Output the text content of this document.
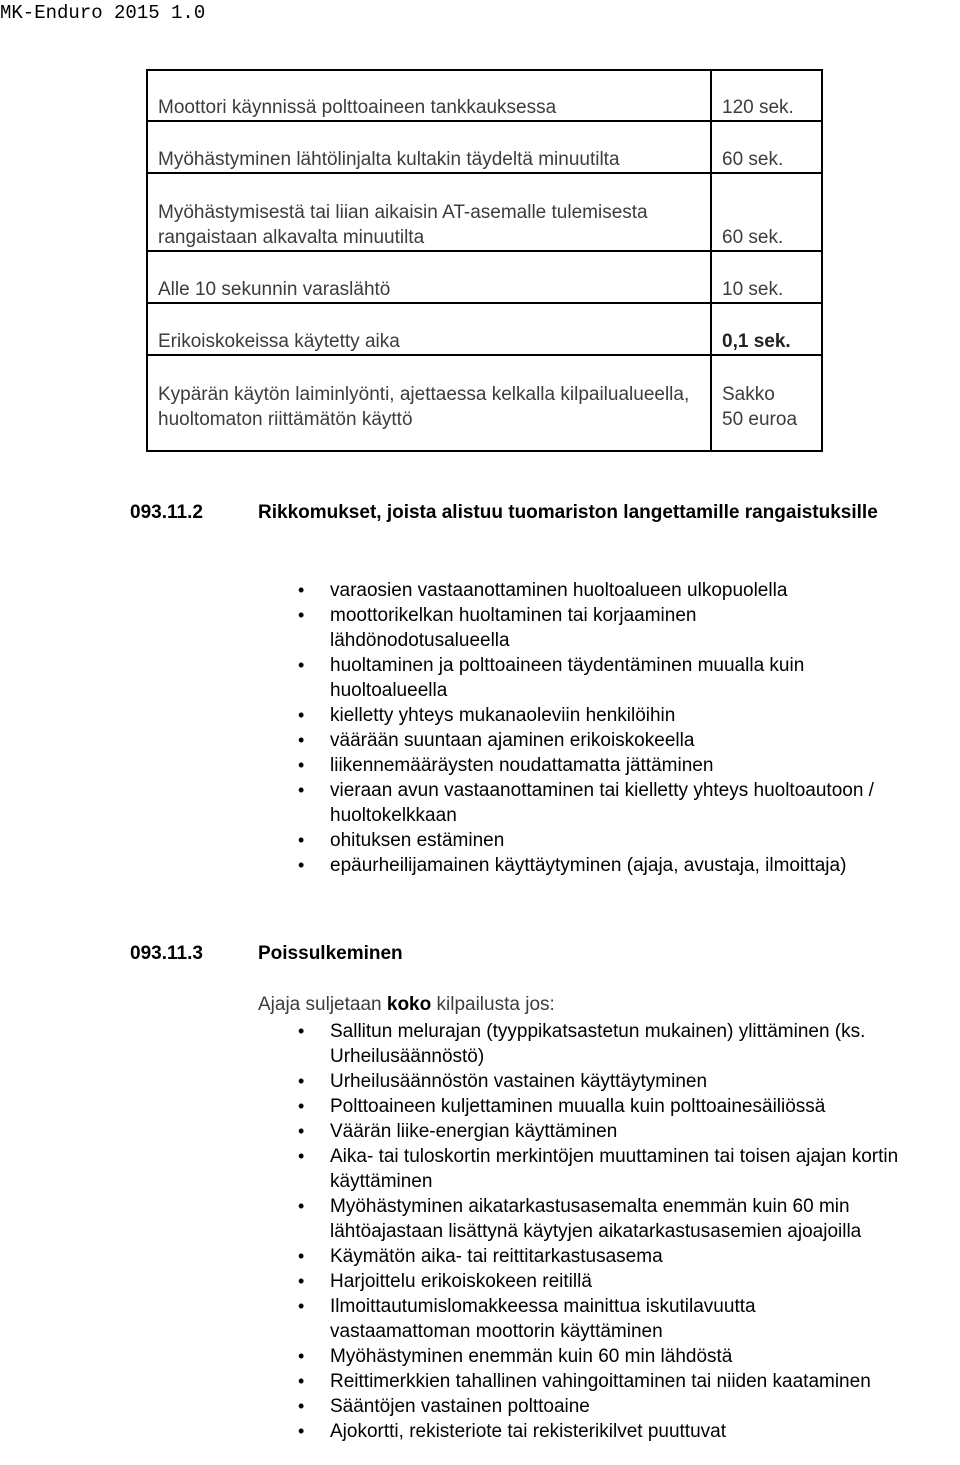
MK-Enduro 2015 1.0
Moottori käynnissä polttoaineen tankkauksessa	120 sek.
Myöhästyminen lähtölinjalta kultakin täydeltä minuutilta	60 sek.
Myöhästymisestä tai liian aikaisin AT-asemalle tulemisesta rangaistaan alkavalta minuutilta	60 sek.
Alle 10 sekunnin varaslähtö	10 sek.
Erikoiskokeissa käytetty aika	0,1 sek.
Kypärän käytön laiminlyönti, ajettaessa kelkalla kilpailualueella, huoltomaton riittämätön käyttö	Sakko
50 euroa
093.11.2	Rikkomukset, joista alistuu tuomariston langettamille rangaistuksille
• varaosien vastaanottaminen huoltoalueen ulkopuolella
• moottorikelkan huoltaminen tai korjaaminen lähdönodotusalueella
• huoltaminen ja polttoaineen täydentäminen muualla kuin huoltoalueella
• kielletty yhteys mukanaoleviin henkilöihin
• väärään suuntaan ajaminen erikoiskokeella
• liikennemääräysten noudattamatta jättäminen
• vieraan avun vastaanottaminen tai kielletty yhteys huoltoautoon / huoltokelkkaan
• ohituksen estäminen
• epäurheilijamainen käyttäytyminen (ajaja, avustaja, ilmoittaja)
093.11.3	Poissulkeminen
Ajaja suljetaan koko kilpailusta jos:
• Sallitun melurajan (tyyppikatsastetun mukainen) ylittäminen (ks. Urheilusäännöstö)
• Urheilusäännöstön vastainen käyttäytyminen
• Polttoaineen kuljettaminen muualla kuin polttoainesäiliössä
• Väärän liike-energian käyttäminen
• Aika- tai tuloskortin merkintöjen muuttaminen tai toisen ajajan kortin käyttäminen
• Myöhästyminen aikatarkastusasemalta enemmän kuin 60 min lähtöajastaan lisättynä käytyjen aikatarkastusasemien ajoajoilla
• Käymätön aika- tai reittitarkastusasema
• Harjoittelu erikoiskokeen reitillä
• Ilmoittautumislomakkeessa mainittua iskutilavuutta vastaamattoman moottorin käyttäminen
• Myöhästyminen enemmän kuin 60 min lähdöstä
• Reittimerkkien tahallinen vahingoittaminen tai niiden kaataminen
• Sääntöjen vastainen polttoaine
• Ajokortti, rekisteriote tai rekisterikilvet puuttuvat
